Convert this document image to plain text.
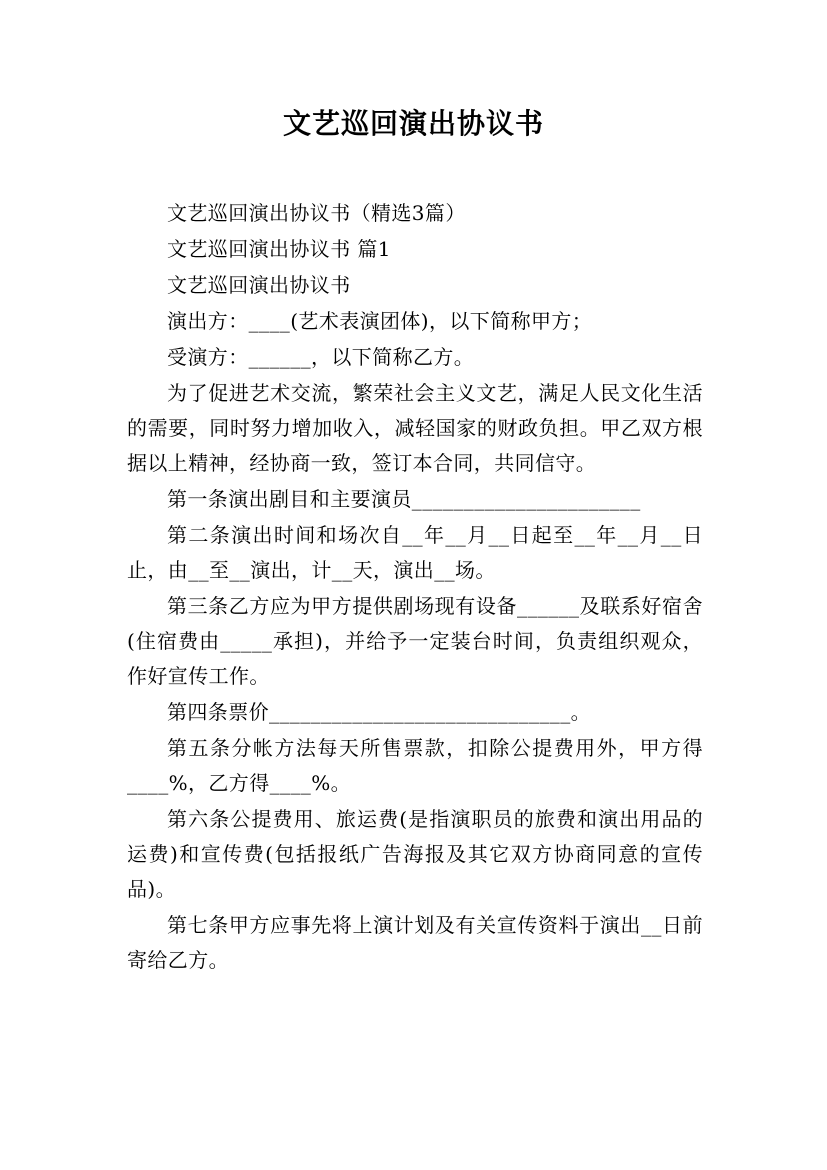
文艺巡回演出协议书

文艺巡回演出协议书（精选3篇）

文艺巡回演出协议书 篇1

文艺巡回演出协议书

演出方：____(艺术表演团体)，以下简称甲方；

受演方：______，以下简称乙方。

为了促进艺术交流，繁荣社会主义文艺，满足人民文化生活的需要，同时努力增加收入，减轻国家的财政负担。甲乙双方根据以上精神，经协商一致，签订本合同，共同信守。

第一条演出剧目和主要演员______________________

第二条演出时间和场次自__年__月__日起至__年__月__日止，由__至__演出，计__天，演出__场。

第三条乙方应为甲方提供剧场现有设备______及联系好宿舍(住宿费由_____承担)，并给予一定装台时间，负责组织观众，作好宣传工作。

第四条票价_____________________________。

第五条分帐方法每天所售票款，扣除公提费用外，甲方得____%，乙方得____%。

第六条公提费用、旅运费(是指演职员的旅费和演出用品的运费)和宣传费(包括报纸广告海报及其它双方协商同意的宣传品)。

第七条甲方应事先将上演计划及有关宣传资料于演出__日前寄给乙方。
